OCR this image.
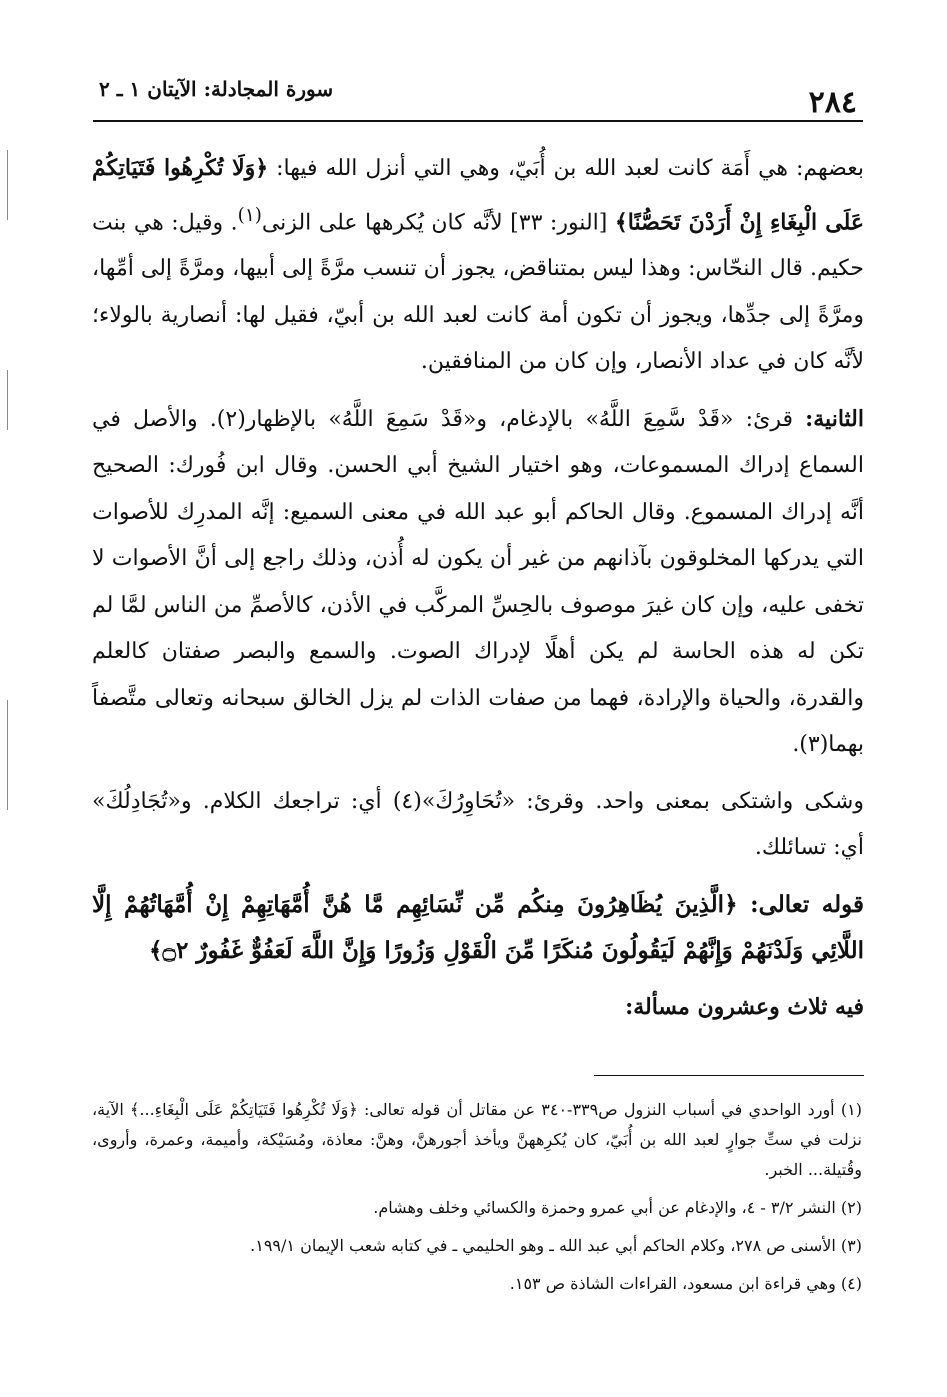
٢٨٤
سورة المجادلة: الآيتان ١ ـ ٢

بعضهم: هي أَمَة كانت لعبد الله بن أُبَيّ، وهي التي أنزل الله فيها: ﴿وَلَا تُكْرِهُوا فَتَيَاتِكُمْ عَلَى الْبِغَاءِ إِنْ أَرَدْنَ تَحَصُّنًا﴾ [النور: ٣٣] لأنَّه كان يُكرهها على الزنى$^{(١)}$. وقيل: هي بنت حكيم. قال النحّاس: وهذا ليس بمتناقض، يجوز أن تنسب مرَّةً إلى أبيها، ومرَّةً إلى أمِّها، ومرَّةً إلى جدِّها، ويجوز أن تكون أمة كانت لعبد الله بن أبيّ، فقيل لها: أنصارية بالولاء؛ لأنَّه كان في عداد الأنصار، وإن كان من المنافقين.

الثانية: قرئ: «قَدْ سَّمِعَ اللَّهُ» بالإدغام، و«قَدْ سَمِعَ اللَّهُ» بالإظهار(٢). والأصل في السماع إدراك المسموعات، وهو اختيار الشيخ أبي الحسن. وقال ابن فُورك: الصحيح أنَّه إدراك المسموع. وقال الحاكم أبو عبد الله في معنى السميع: إنَّه المدرِك للأصوات التي يدركها المخلوقون بآذانهم من غير أن يكون له أُذن، وذلك راجع إلى أنَّ الأصوات لا تخفى عليه، وإن كان غيرَ موصوف بالحِسِّ المركَّب في الأذن، كالأصمِّ من الناس لمَّا لم تكن له هذه الحاسة لم يكن أهلًا لإدراك الصوت. والسمع والبصر صفتان كالعلم والقدرة، والحياة والإرادة، فهما من صفات الذات لم يزل الخالق سبحانه وتعالى متَّصفاً بهما(٣).

وشكى واشتكى بمعنى واحد. وقرئ: «تُحَاوِرُكَ»(٤) أي: تراجعك الكلام. و«تُجَادِلُكَ» أي: تسائلك.

قوله تعالى: ﴿الَّذِينَ يُظَاهِرُونَ مِنكُم مِّن نِّسَائِهِم مَّا هُنَّ أُمَّهَاتِهِمْ إِنْ أُمَّهَاتُهُمْ إِلَّا اللَّائِي وَلَدْنَهُمْ وَإِنَّهُمْ لَيَقُولُونَ مُنكَرًا مِّنَ الْقَوْلِ وَزُورًا وَإِنَّ اللَّهَ لَعَفُوٌّ غَفُورٌ ۝٢﴾

فيه ثلاث وعشرون مسألة:

(١) أورد الواحدي في أسباب النزول ص٣٣٩-٣٤٠ عن مقاتل أن قوله تعالى: ﴿وَلَا تُكْرِهُوا فَتَيَاتِكُمْ عَلَى الْبِغَاءِ...﴾ الآية، نزلت في ستِّ جوارٍ لعبد الله بن أُبَيّ، كان يُكرِههنَّ ويأخذ أجورهنَّ، وهنَّ: معاذة، ومُسَيْكة، وأميمة، وعمرة، وأروى، وقُتيلة... الخبر.

(٢) النشر ٣/٢ - ٤، والإدغام عن أبي عمرو وحمزة والكسائي وخلف وهشام.

(٣) الأسنى ص ٢٧٨، وكلام الحاكم أبي عبد الله ـ وهو الحليمي ـ في كتابه شعب الإيمان ١٩٩/١.

(٤) وهي قراءة ابن مسعود، القراءات الشاذة ص ١٥٣.
